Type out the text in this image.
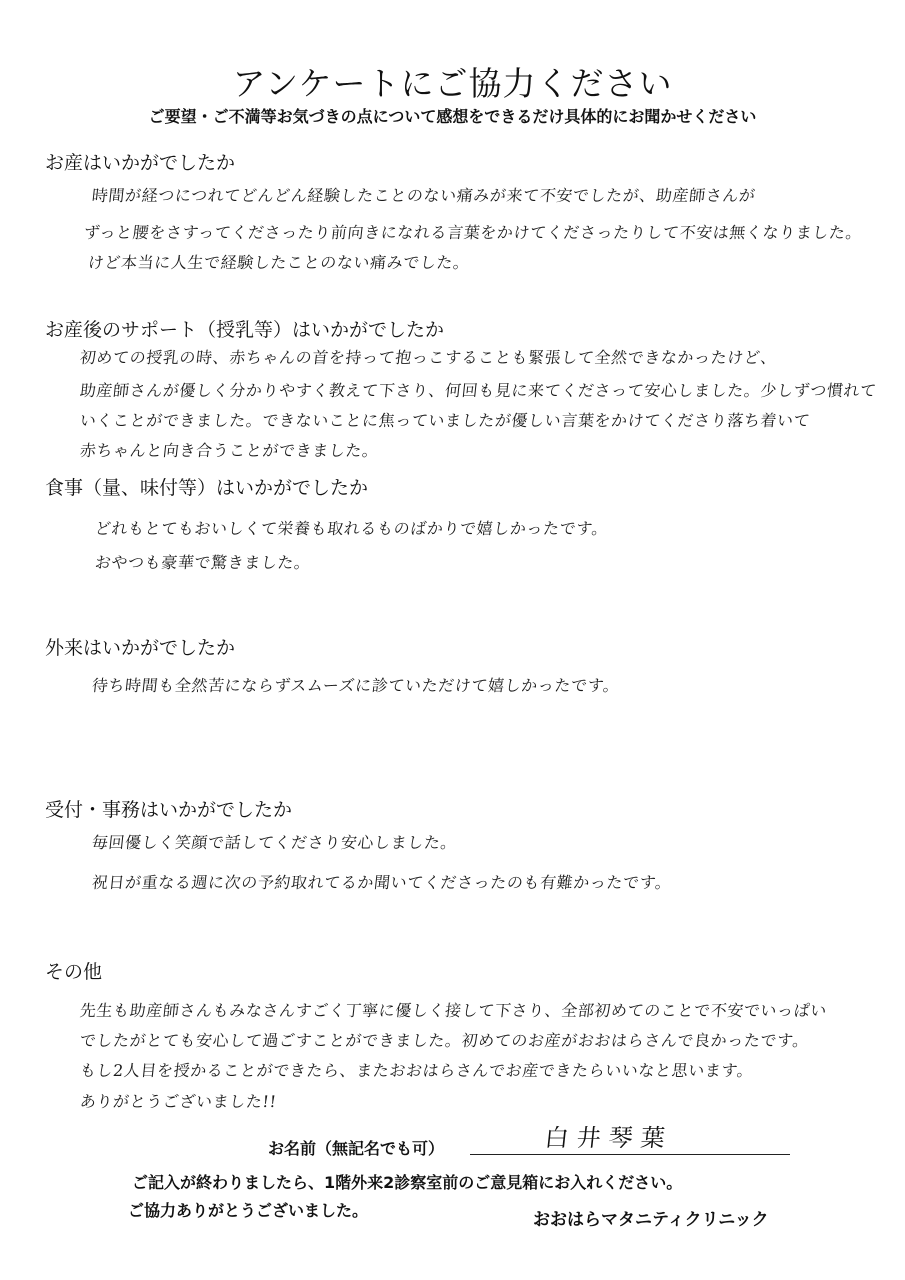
アンケートにご協力ください
ご要望・ご不満等お気づきの点について感想をできるだけ具体的にお聞かせください
お産はいかがでしたか
時間が経つにつれてどんどん経験したことのない痛みが来て不安でしたが、助産師さんが
ずっと腰をさすってくださったり前向きになれる言葉をかけてくださったりして不安は無くなりました。
けど本当に人生で経験したことのない痛みでした。
お産後のサポート（授乳等）はいかがでしたか
初めての授乳の時、赤ちゃんの首を持って抱っこすることも緊張して全然できなかったけど、
助産師さんが優しく分かりやすく教えて下さり、何回も見に来てくださって安心しました。少しずつ慣れて
いくことができました。できないことに焦っていましたが優しい言葉をかけてくださり落ち着いて
赤ちゃんと向き合うことができました。
食事（量、味付等）はいかがでしたか
どれもとてもおいしくて栄養も取れるものばかりで嬉しかったです。
おやつも豪華で驚きました。
外来はいかがでしたか
待ち時間も全然苦にならずスムーズに診ていただけて嬉しかったです。
受付・事務はいかがでしたか
毎回優しく笑顔で話してくださり安心しました。
祝日が重なる週に次の予約取れてるか聞いてくださったのも有難かったです。
その他
先生も助産師さんもみなさんすごく丁寧に優しく接して下さり、全部初めてのことで不安でいっぱい
でしたがとても安心して過ごすことができました。初めてのお産がおおはらさんで良かったです。
もし2人目を授かることができたら、またおおはらさんでお産できたらいいなと思います。
ありがとうございました!!
お名前（無記名でも可）	白井琴葉
ご記入が終わりましたら、1階外来2診察室前のご意見箱にお入れください。
ご協力ありがとうございました。	おおはらマタニティクリニック
